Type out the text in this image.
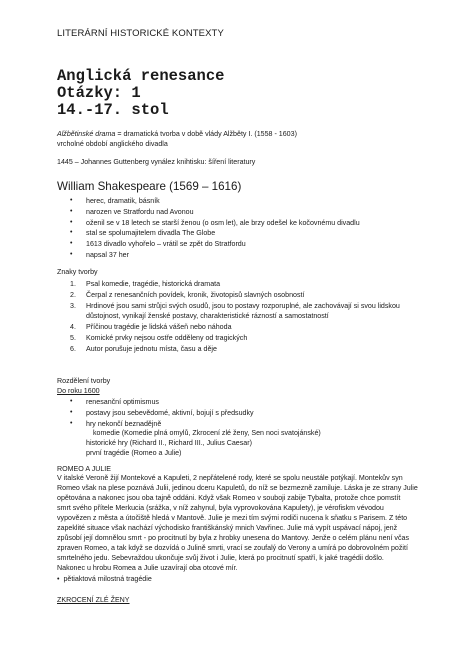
LITERÁRNÍ HISTORICKÉ KONTEXTY
Anglická renesance
Otázky: 1
14.-17. stol
Alžbětinské drama = dramatická tvorba v době vlády Alžběty I. (1558 - 1603)
vrcholné období anglického divadla
1445 – Johannes Guttenberg vynález knihtisku: šíření literatury
William Shakespeare (1569 – 1616)
• herec, dramatik, básník
• narozen ve Stratfordu nad Avonou
• oženil se v 18 letech se starší ženou (o osm let), ale brzy odešel ke kočovnému divadlu
• stal se spolumajitelem divadla The Globe
• 1613 divadlo vyhořelo – vrátil se zpět do Stratfordu
• napsal 37 her
Znaky tvorby
1. Psal komedie, tragédie, historická dramata
2. Čerpal z renesančních povídek, kronik, životopisů slavných osobností
3. Hrdinové jsou sami strůjci svých osudů, jsou to postavy rozporuplné, ale zachovávají si svou lidskou
důstojnost, vynikají ženské postavy, charakteristické rázností a samostatností
4. Příčinou tragédie je lidská vášeň nebo náhoda
5. Komické prvky nejsou ostře odděleny od tragických
6. Autor porušuje jednotu místa, času a děje
Rozdělení tvorby
Do roku 1600
• renesanční optimismus
• postavy jsou sebevědomé, aktivní, bojují s předsudky
• hry nekončí beznadějně
komedie (Komedie plná omylů, Zkrocení zlé ženy, Sen noci svatojánské)
historické hry (Richard II., Richard III., Julius Caesar)
první tragédie (Romeo a Julie)
ROMEO A JULIE
V italské Veroně žijí Montekové a Kapuleti, 2 nepřátelené rody, které se spolu neustále potýkají. Montekův syn
Romeo však na plese poznává Julii, jedinou dceru Kapuletů, do níž se bezmezně zamiluje. Láska je ze strany Julie
opětována a nakonec jsou oba tajně oddáni. Když však Romeo v souboji zabije Tybalta, protože chce pomstít
smrt svého přítele Merkucia (srážka, v níž zahynul, byla vyprovokována Kapulety), je vérofiskm vévodou
vypovězen z města a útočiště hledá v Mantově. Julie je mezi tím svými rodiči nucena k sňatku s Parisem. Z této
zapeklité situace však nachází východisko františkánský mnich Vavřinec. Julie má vypít uspávací nápoj, jenž
způsobí její domnělou smrt - po procitnutí by byla z hrobky unesena do Mantovy. Jenže o celém plánu není včas
zpraven Romeo, a tak když se dozvídá o Julině smrti, vrací se zoufalý do Verony a umírá po dobrovolném požití
smrtelného jedu. Sebevraždou ukončuje svůj život i Julie, která po procitnutí spatří, k jaké tragédii došlo.
Nakonec u hrobu Romea a Julie uzavírají oba otcové mír.
•  pětiaktová milostná tragédie
ZKROCENÍ ZLÉ ŽENY
